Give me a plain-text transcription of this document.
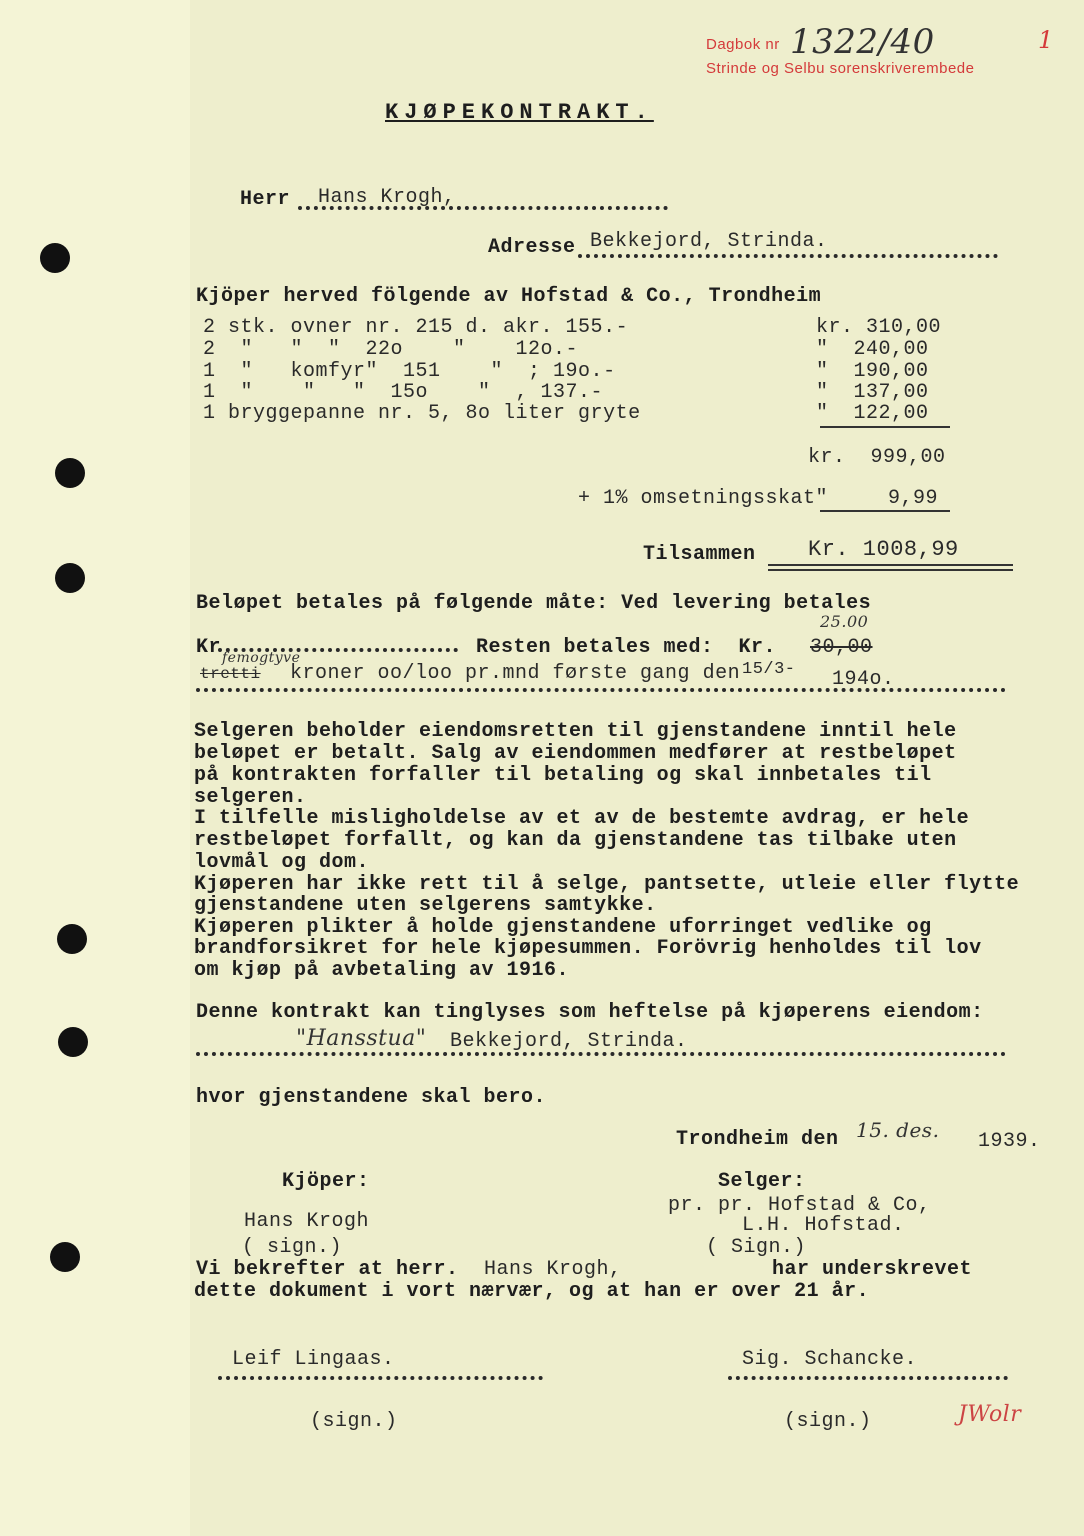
Dagbok nr 1322/40
Strinde og Selbu sorenskriverembede
1
KJØPEKONTRAKT.
Herr Hans Krogh,
Adresse Bekkejord, Strinda.
Kjöper herved fölgende av Hofstad & Co., Trondheim
2 stk. ovner nr. 215 d. akr. 155.-	kr. 310,00
2  "   "  "  22o    "    12o.-	"  240,00
1  "   komfyr"  151    "  ; 19o.-	"  190,00
1  "    "   "  15o    "  , 137.-	"  137,00
1 bryggepanne nr. 5, 8o liter gryte	"  122,00
kr.  999,00
+ 1% omsetningsskat"	9,99
Tilsammen Kr. 1008,99
Beløpet betales på følgende måte: Ved levering betales
25.00
Kr	Resten betales med:  Kr. 30,00
femogtyve
tretti kroner oo/loo pr.mnd første gang den 15/3- 194o.
Selgeren beholder eiendomsretten til gjenstandene inntil hele
beløpet er betalt. Salg av eiendommen medfører at restbeløpet
på kontrakten forfaller til betaling og skal innbetales til
selgeren.
I tilfelle misligholdelse av et av de bestemte avdrag, er hele
restbeløpet forfallt, og kan da gjenstandene tas tilbake uten
lovmål og dom.
Kjøperen har ikke rett til å selge, pantsette, utleie eller flytte
gjenstandene uten selgerens samtykke.
Kjøperen plikter å holde gjenstandene uforringet vedlike og
brandforsikret for hele kjøpesummen. Forövrig henholdes til lov
om kjøp på avbetaling av 1916.
Denne kontrakt kan tinglyses som heftelse på kjøperens eiendom:
"Hansstua" Bekkejord, Strinda.
hvor gjenstandene skal bero.
Trondheim den 15. des. 1939.
Kjöper:
Hans Krogh
( sign.)
Selger:
pr. pr. Hofstad & Co,
L.H. Hofstad.
( Sign.)
Vi bekrefter at herr. Hans Krogh,	har underskrevet
dette dokument i vort nærvær, og at han er over 21 år.
Leif Lingaas.	Sig. Schancke.
(sign.)	(sign.)	JWolr
